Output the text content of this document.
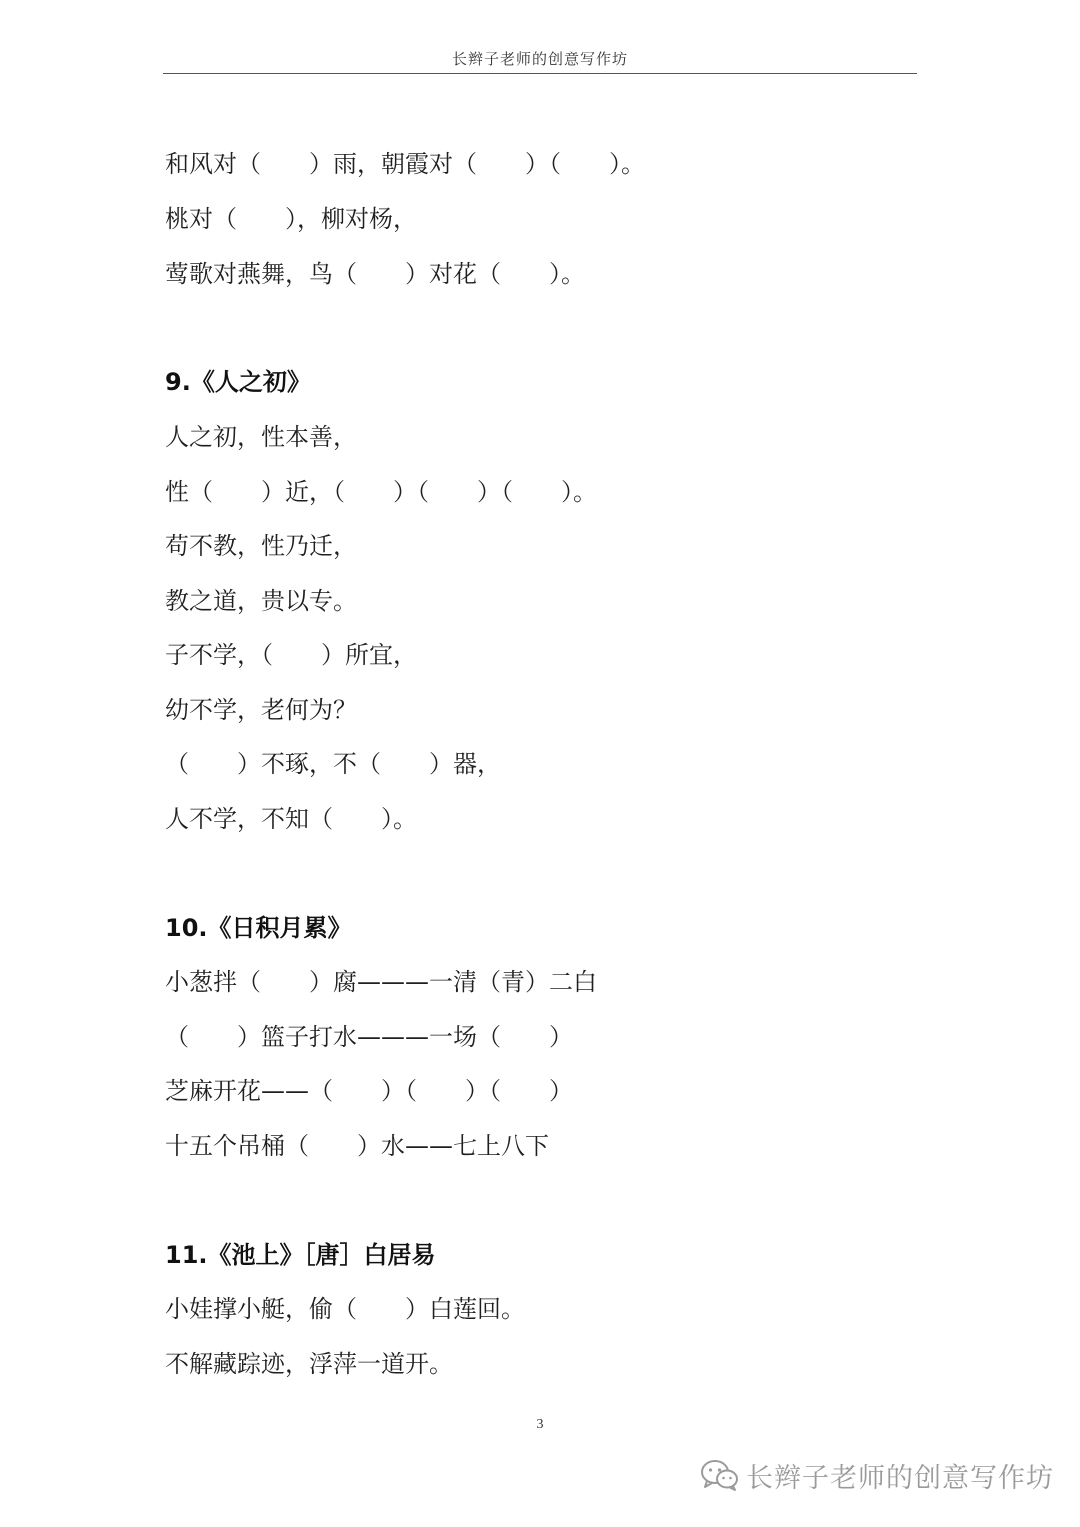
长辫子老师的创意写作坊
和风对（　　）雨，朝霞对（　　）（　　）。
桃对（　　），柳对杨，
莺歌对燕舞，鸟（　　）对花（　　）。
9.《人之初》
人之初，性本善，
性（　　）近，（　　）（　　）（　　）。
苟不教，性乃迁，
教之道，贵以专。
子不学，（　　）所宜，
幼不学，老何为？
（　　）不琢，不（　　）器，
人不学，不知（　　）。
10.《日积月累》
小葱拌（　　）腐———一清（青）二白
（　　）篮子打水———一场（　　）
芝麻开花——（　　）（　　）（　　）
十五个吊桶（　　）水——七上八下
11.《池上》［唐］白居易
小娃撑小艇，偷（　　）白莲回。
不解藏踪迹，浮萍一道开。
3
长辫子老师的创意写作坊
